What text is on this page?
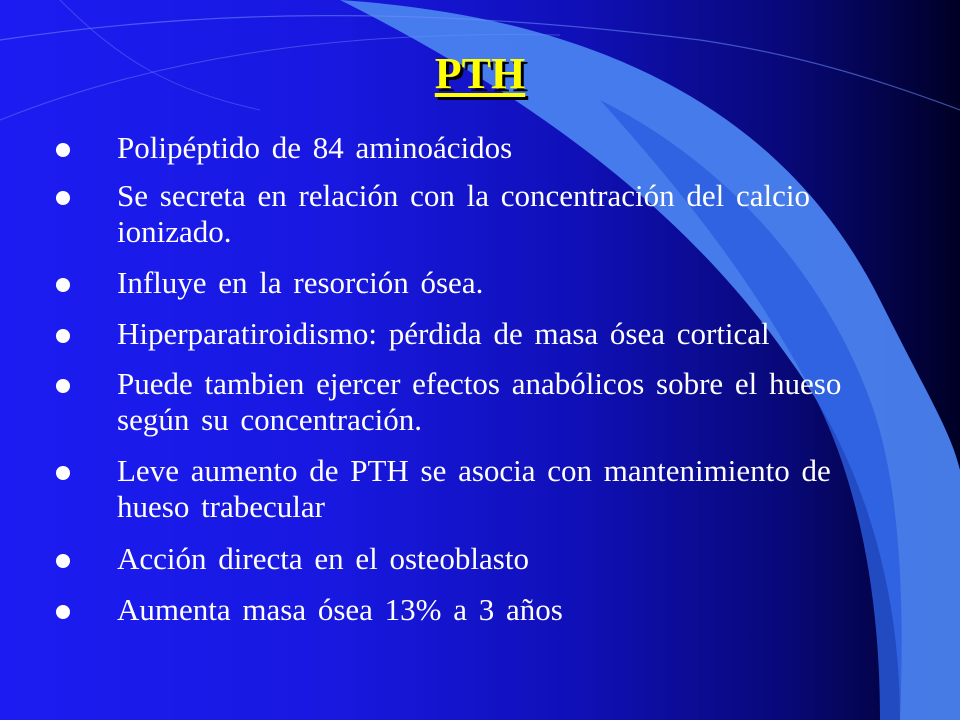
PTH
Polipéptido de 84 aminoácidos
Se secreta en relación con la concentración del calcio ionizado.
Influye en la resorción ósea.
Hiperparatiroidismo: pérdida de masa ósea cortical
Puede tambien ejercer efectos anabólicos sobre el hueso según su concentración.
Leve aumento de PTH se asocia con mantenimiento de hueso trabecular
Acción directa en el osteoblasto
Aumenta masa ósea 13% a 3 años
